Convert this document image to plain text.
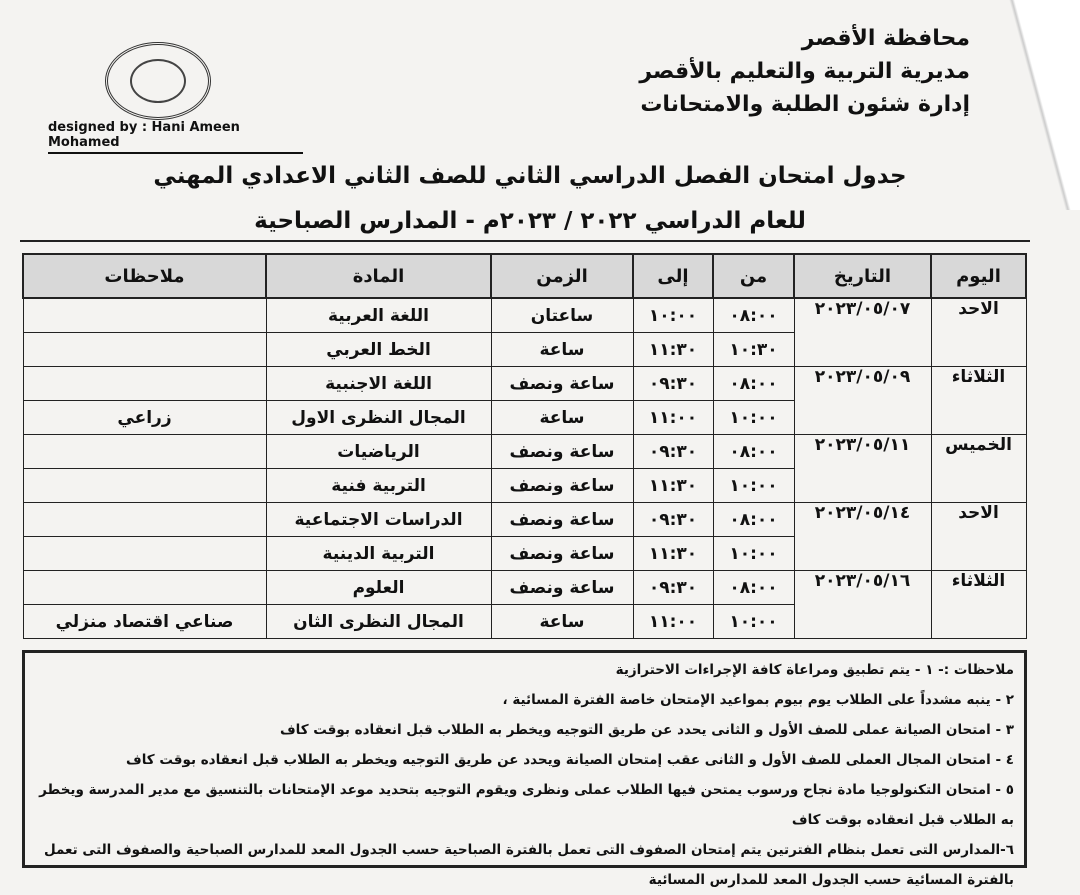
محافظة الأقصر
مديرية التربية والتعليم بالأقصر
إدارة شئون الطلبة والامتحانات
designed by : Hani Ameen Mohamed
جدول امتحان الفصل الدراسي الثاني للصف الثاني الاعدادي المهني
للعام الدراسي ٢٠٢٢ / ٢٠٢٣م - المدارس الصباحية
اليوم	التاريخ	من	إلى	الزمن	المادة	ملاحظات
الاحد	٢٠٢٣/٠٥/٠٧	٠٨:٠٠	١٠:٠٠	ساعتان	اللغة العربية	
		١٠:٣٠	١١:٣٠	ساعة	الخط العربي	
الثلاثاء	٢٠٢٣/٠٥/٠٩	٠٨:٠٠	٠٩:٣٠	ساعة ونصف	اللغة الاجنبية	
		١٠:٠٠	١١:٠٠	ساعة	المجال النظرى الاول	زراعي
الخميس	٢٠٢٣/٠٥/١١	٠٨:٠٠	٠٩:٣٠	ساعة ونصف	الرياضيات	
		١٠:٠٠	١١:٣٠	ساعة ونصف	التربية فنية	
الاحد	٢٠٢٣/٠٥/١٤	٠٨:٠٠	٠٩:٣٠	ساعة ونصف	الدراسات الاجتماعية	
		١٠:٠٠	١١:٣٠	ساعة ونصف	التربية الدينية	
الثلاثاء	٢٠٢٣/٠٥/١٦	٠٨:٠٠	٠٩:٣٠	ساعة ونصف	العلوم	
		١٠:٠٠	١١:٠٠	ساعة	المجال النظرى الثان	صناعي اقتصاد منزلي
ملاحظات :- ١ - يتم تطبيق ومراعاة كافة الإجراءات الاحترازية
٢ - ينبه مشدداً على الطلاب يوم بيوم بمواعيد الإمتحان خاصة الفترة المسائية ،
٣ - امتحان الصيانة عملى للصف الأول و الثانى يحدد عن طريق التوجيه ويخطر به الطلاب قبل انعقاده بوقت كاف
٤ - امتحان المجال العملى للصف الأول و الثانى عقب إمتحان الصيانة ويحدد عن طريق التوجيه ويخطر به الطلاب قبل انعقاده بوقت كاف
٥ - امتحان التكنولوجيا مادة نجاح ورسوب يمتحن فيها الطلاب عملى ونظرى ويقوم التوجيه بتحديد موعد الإمتحانات بالتنسيق مع مدير المدرسة ويخطر به الطلاب قبل انعقاده بوقت كاف
٦-المدارس التى تعمل بنظام الفترتين يتم إمتحان الصفوف التى تعمل بالفترة الصباحية حسب الجدول المعد للمدارس الصباحية والصفوف التى تعمل بالفترة المسائية حسب الجدول المعد للمدارس المسائية
